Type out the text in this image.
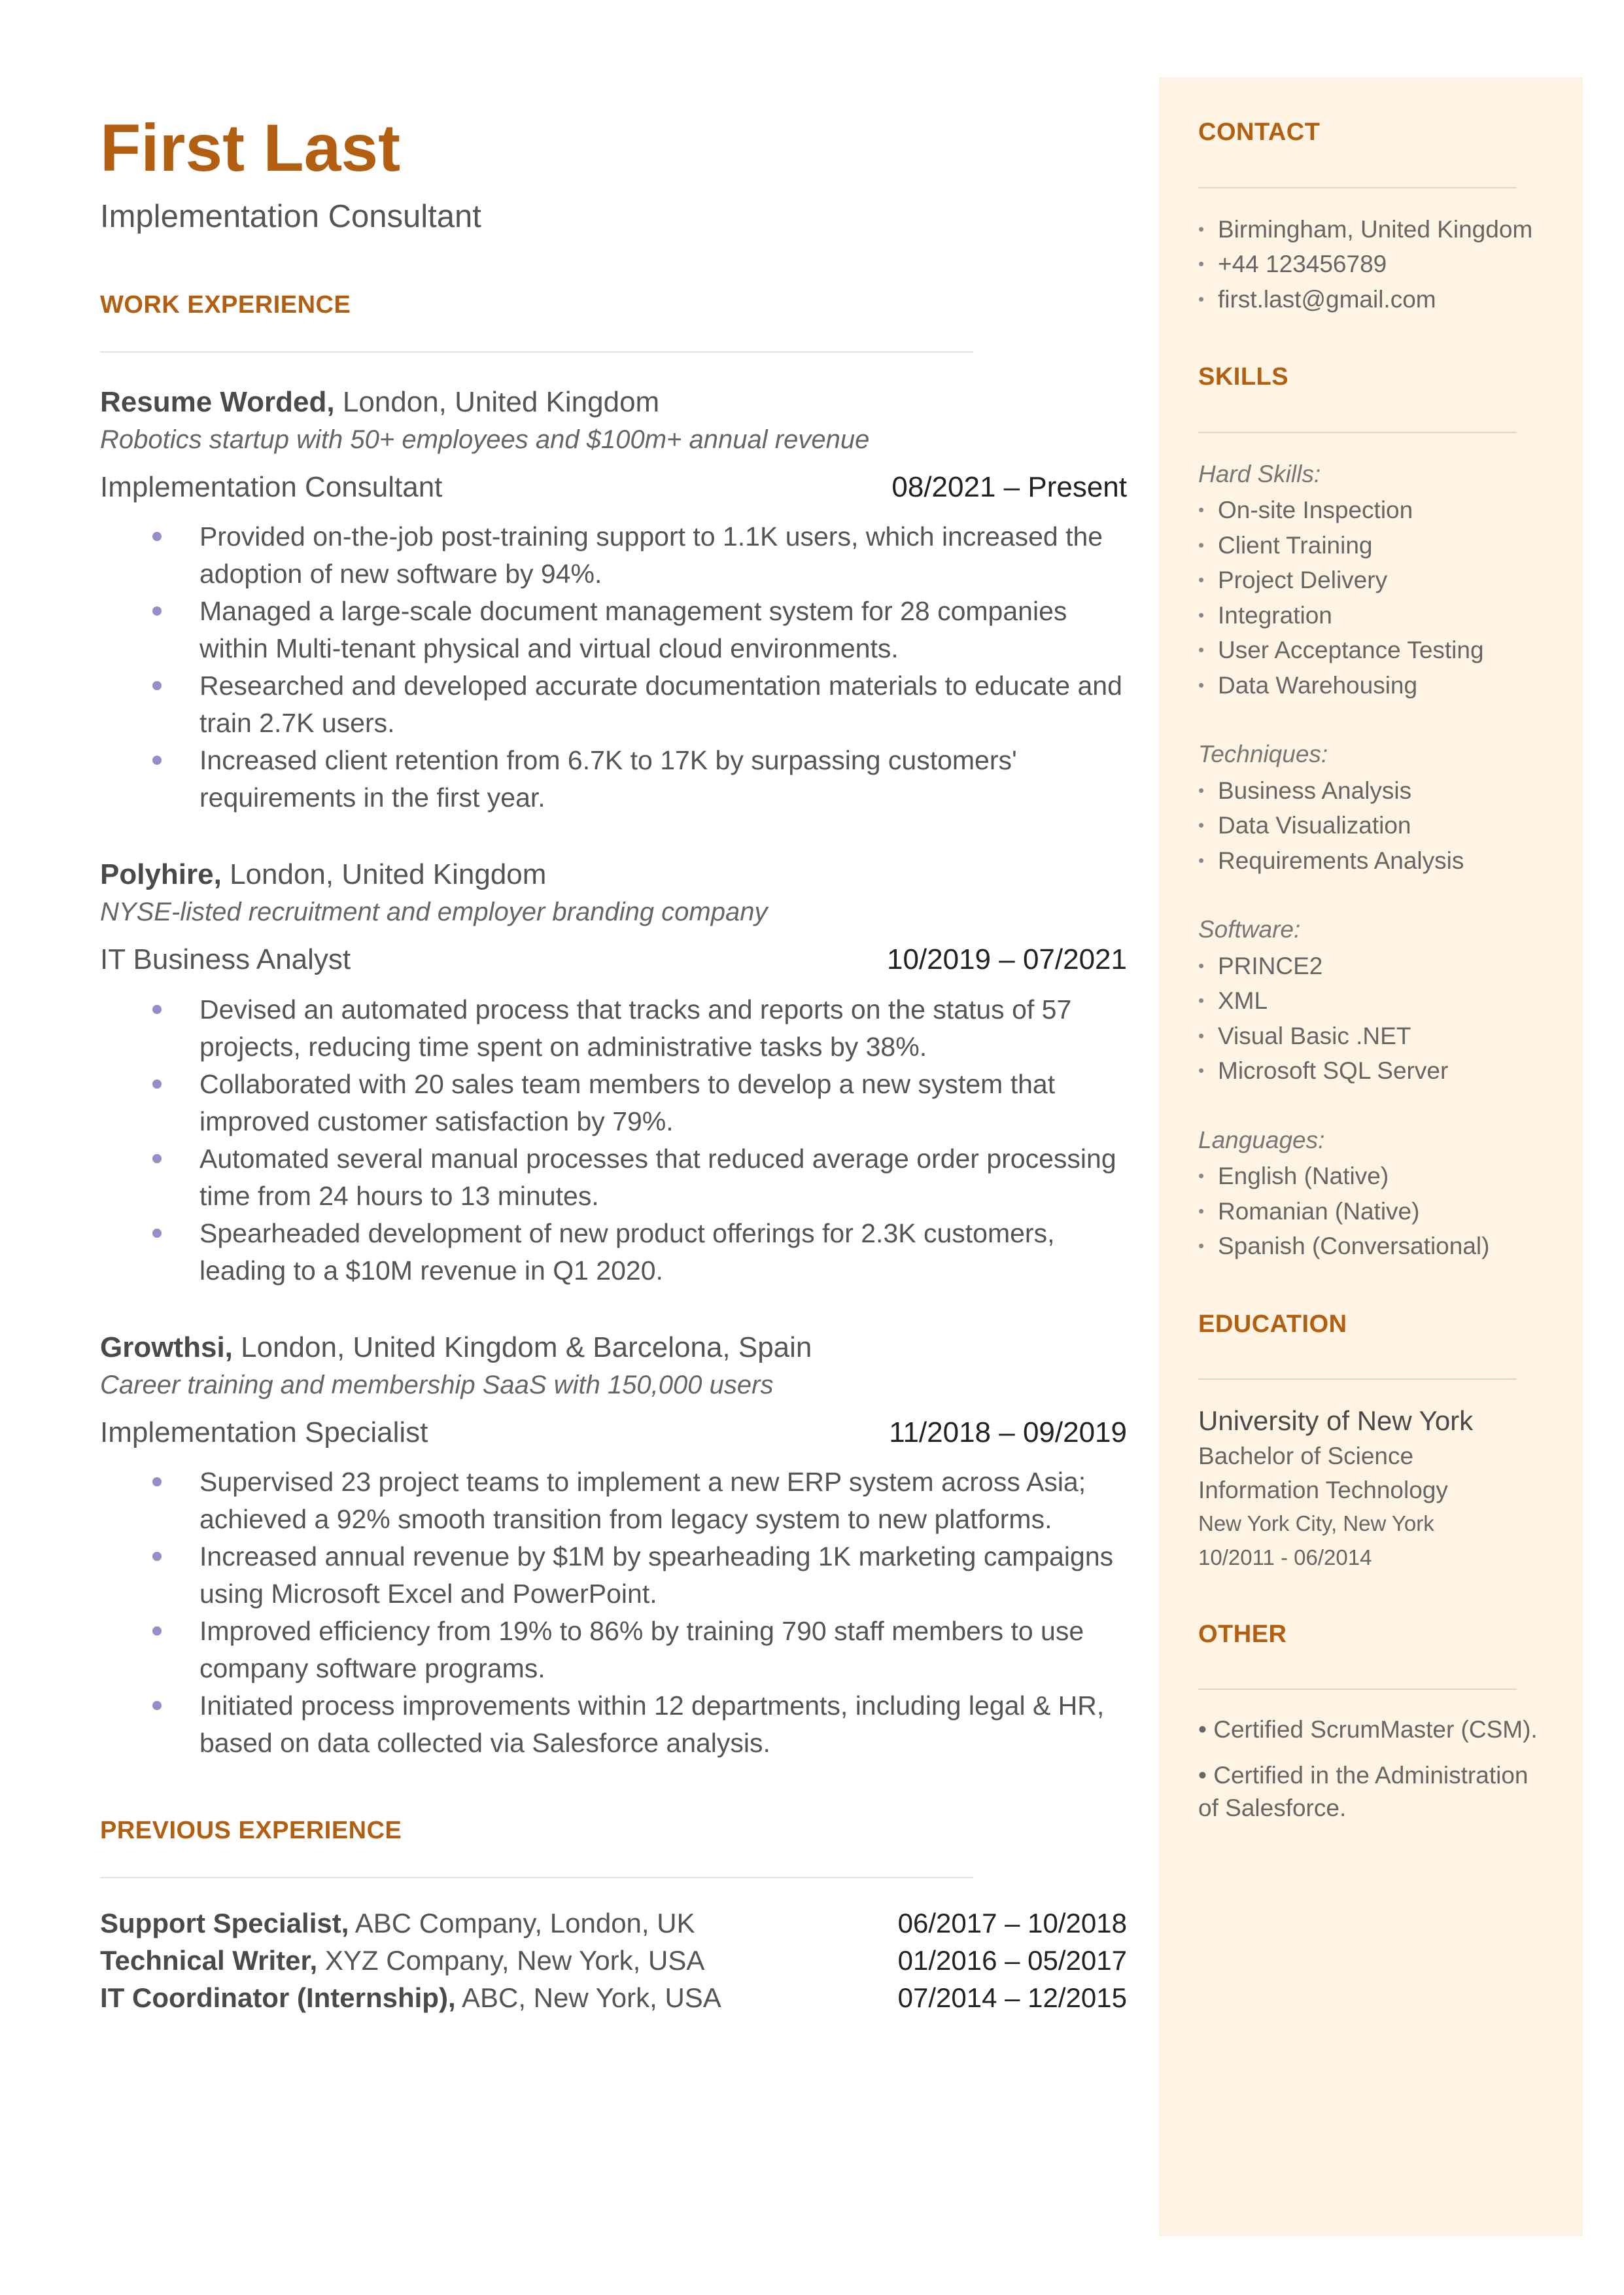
First Last
Implementation Consultant
WORK EXPERIENCE
Resume Worded, London, United Kingdom
Robotics startup with 50+ employees and $100m+ annual revenue
Implementation Consultant	08/2021 – Present
Provided on-the-job post-training support to 1.1K users, which increased the adoption of new software by 94%.
Managed a large-scale document management system for 28 companies within Multi-tenant physical and virtual cloud environments.
Researched and developed accurate documentation materials to educate and train 2.7K users.
Increased client retention from 6.7K to 17K by surpassing customers' requirements in the first year.
Polyhire, London, United Kingdom
NYSE-listed recruitment and employer branding company
IT Business Analyst	10/2019 – 07/2021
Devised an automated process that tracks and reports on the status of 57 projects, reducing time spent on administrative tasks by 38%.
Collaborated with 20 sales team members to develop a new system that improved customer satisfaction by 79%.
Automated several manual processes that reduced average order processing time from 24 hours to 13 minutes.
Spearheaded development of new product offerings for 2.3K customers, leading to a $10M revenue in Q1 2020.
Growthsi, London, United Kingdom & Barcelona, Spain
Career training and membership SaaS with 150,000 users
Implementation Specialist	11/2018 – 09/2019
Supervised 23 project teams to implement a new ERP system across Asia; achieved a 92% smooth transition from legacy system to new platforms.
Increased annual revenue by $1M by spearheading 1K marketing campaigns using Microsoft Excel and PowerPoint.
Improved efficiency from 19% to 86% by training 790 staff members to use company software programs.
Initiated process improvements within 12 departments, including legal & HR, based on data collected via Salesforce analysis.
PREVIOUS EXPERIENCE
Support Specialist, ABC Company, London, UK	06/2017 – 10/2018
Technical Writer, XYZ Company, New York, USA	01/2016 – 05/2017
IT Coordinator (Internship), ABC, New York, USA	07/2014 – 12/2015
CONTACT
• Birmingham, United Kingdom
• +44 123456789
• first.last@gmail.com
SKILLS
Hard Skills:
• On-site Inspection
• Client Training
• Project Delivery
• Integration
• User Acceptance Testing
• Data Warehousing
Techniques:
• Business Analysis
• Data Visualization
• Requirements Analysis
Software:
• PRINCE2
• XML
• Visual Basic .NET
• Microsoft SQL Server
Languages:
• English (Native)
• Romanian (Native)
• Spanish (Conversational)
EDUCATION
University of New York
Bachelor of Science
Information Technology
New York City, New York
10/2011 - 06/2014
OTHER
• Certified ScrumMaster (CSM).
• Certified in the Administration of Salesforce.
